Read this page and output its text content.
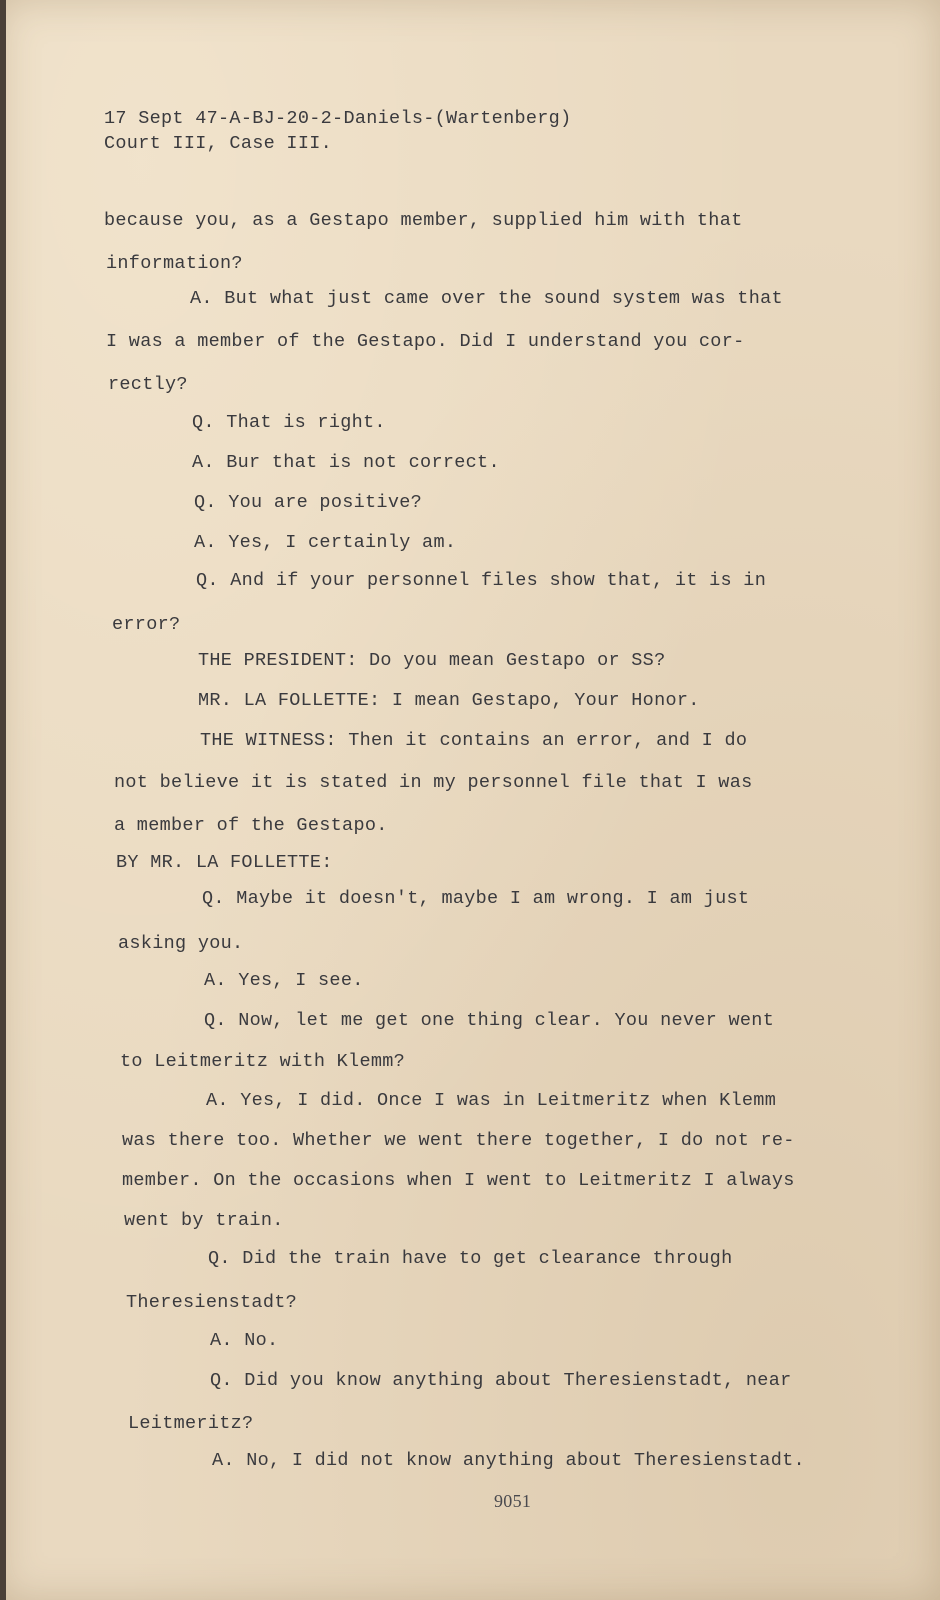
17 Sept 47-A-BJ-20-2-Daniels-(Wartenberg)
Court III, Case III.
because you, as a Gestapo member, supplied him with that
information?
A. But what just came over the sound system was that
I was a member of the Gestapo. Did I understand you cor-
rectly?
Q. That is right.
A. Bur that is not correct.
Q. You are positive?
A. Yes, I certainly am.
Q. And if your personnel files show that, it is in
error?
THE PRESIDENT: Do you mean Gestapo or SS?
MR. LA FOLLETTE: I mean Gestapo, Your Honor.
THE WITNESS: Then it contains an error, and I do
not believe it is stated in my personnel file that I was
a member of the Gestapo.
BY MR. LA FOLLETTE:
Q. Maybe it doesn't, maybe I am wrong. I am just
asking you.
A. Yes, I see.
Q. Now, let me get one thing clear. You never went
to Leitmeritz with Klemm?
A. Yes, I did. Once I was in Leitmeritz when Klemm
was there too. Whether we went there together, I do not re-
member. On the occasions when I went to Leitmeritz I always
went by train.
Q. Did the train have to get clearance through
Theresienstadt?
A. No.
Q. Did you know anything about Theresienstadt, near
Leitmeritz?
A. No, I did not know anything about Theresienstadt.
9051
